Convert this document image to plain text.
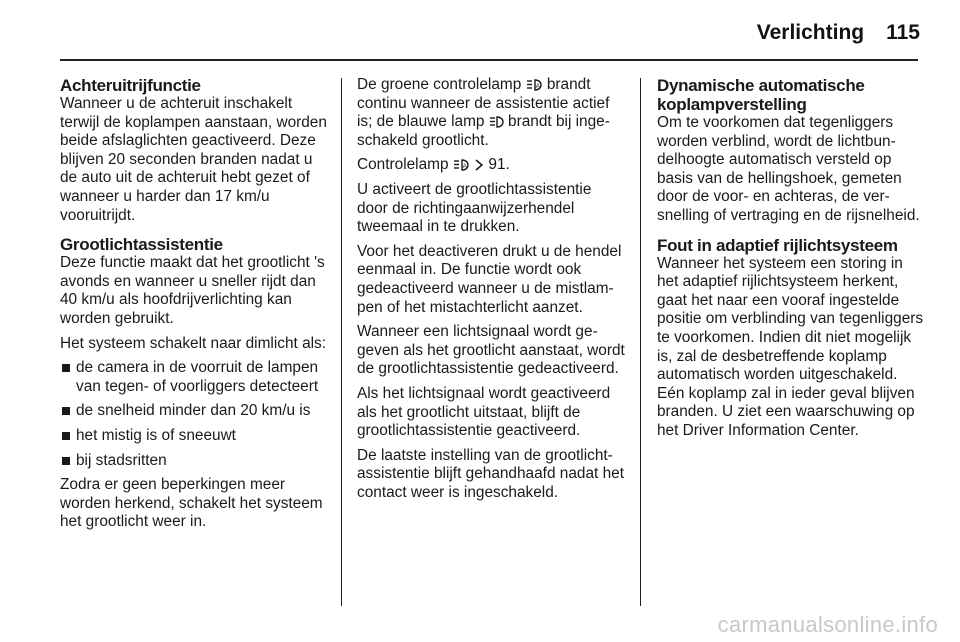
Verlichting 115
Achteruitrijfunctie

Wanneer u de achteruit inschakelt terwijl de koplampen aanstaan, worden beide afslaglichten geactiveerd. Deze blijven 20 seconden branden nadat u de auto uit de achteruit hebt gezet of wanneer u harder dan 17 km/u vooruitrijdt.

Grootlichtassistentie

Deze functie maakt dat het grootlicht 's avonds en wanneer u sneller rijdt dan 40 km/u als hoofdrijverlichting kan worden gebruikt.

Het systeem schakelt naar dimlicht als:

de camera in de voorruit de lampen van tegen- of voorliggers detecteert
de snelheid minder dan 20 km/u is
het mistig is of sneeuwt
bij stadsritten

Zodra er geen beperkingen meer worden herkend, schakelt het systeem het grootlicht weer in.

De groene controlelamp A brandt continu wanneer de assistentie actief is; de blauwe lamp brandt bij ingeschakeld grootlicht.

Controlelamp A 91.

U activeert de grootlichtassistentie door de richtingaanwijzerhendel tweemaal in te drukken.

Voor het deactiveren drukt u de hendel eenmaal in. De functie wordt ook gedeactiveerd wanneer u de mistlampen of het mistachterlicht aanzet.

Wanneer een lichtsignaal wordt gegeven als het grootlicht aanstaat, wordt de grootlichtassistentie gedeactiveerd.

Als het lichtsignaal wordt geactiveerd als het grootlicht uitstaat, blijft de grootlichtassistentie geactiveerd.

De laatste instelling van de grootlichtassistentie blijft gehandhaafd nadat het contact weer is ingeschakeld.

Dynamische automatische koplampverstelling

Om te voorkomen dat tegenliggers worden verblind, wordt de lichtbundelhoogte automatisch versteld op basis van de hellingshoek, gemeten door de voor- en achteras, de versnelling of vertraging en de rijsnelheid.

Fout in adaptief rijlichtsysteem

Wanneer het systeem een storing in het adaptief rijlichtsysteem herkent, gaat het naar een vooraf ingestelde positie om verblinding van tegenliggers te voorkomen. Indien dit niet mogelijk is, zal de desbetreffende koplamp automatisch worden uitgeschakeld. Eén koplamp zal in ieder geval blijven branden. U ziet een waarschuwing op het Driver Information Center.

carmanualsonline.info
